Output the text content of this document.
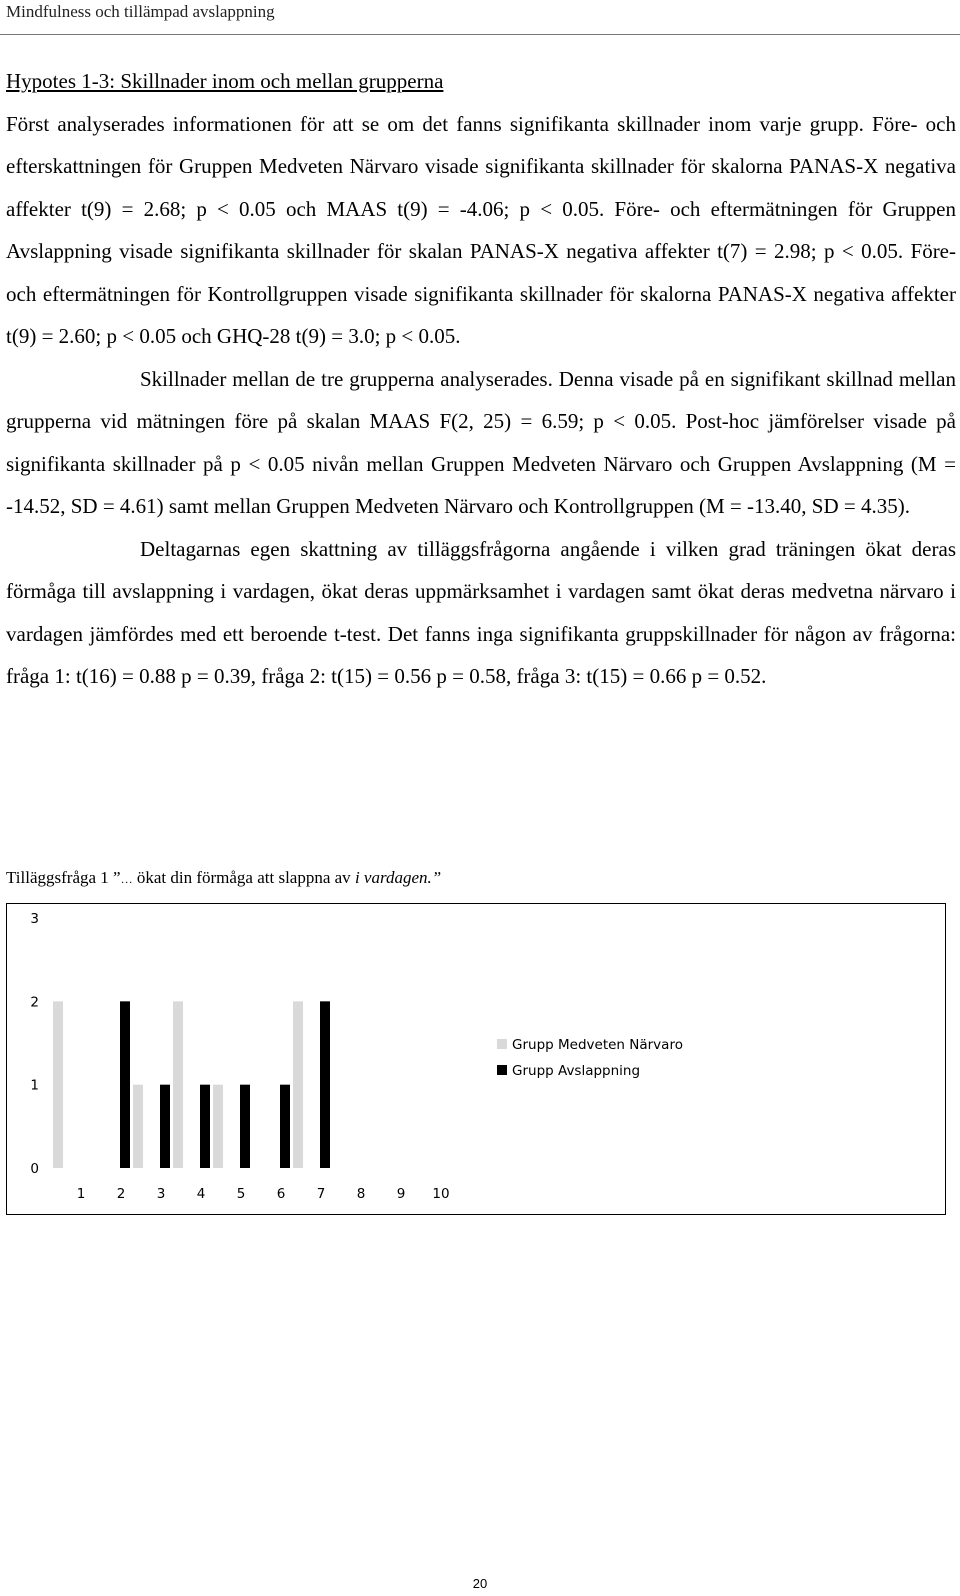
Mindfulness och tillämpad avslappning
Hypotes 1-3: Skillnader inom och mellan grupperna

Först analyserades informationen för att se om det fanns signifikanta skillnader inom varje grupp. Före- och efterskattningen för Gruppen Medveten Närvaro visade signifikanta skillnader för skalorna PANAS-X negativa affekter t(9) = 2.68; p < 0.05 och MAAS t(9) = -4.06; p < 0.05. Före- och eftermätningen för Gruppen Avslappning visade signifikanta skillnader för skalan PANAS-X negativa affekter t(7) = 2.98; p < 0.05. Före- och eftermätningen för Kontrollgruppen visade signifikanta skillnader för skalorna PANAS-X negativa affekter t(9) = 2.60; p < 0.05 och GHQ-28 t(9) = 3.0; p < 0.05.

Skillnader mellan de tre grupperna analyserades. Denna visade på en signifikant skillnad mellan grupperna vid mätningen före på skalan MAAS F(2, 25) = 6.59; p < 0.05. Post-hoc jämförelser visade på signifikanta skillnader på p < 0.05 nivån mellan Gruppen Medveten Närvaro och Gruppen Avslappning (M = -14.52, SD = 4.61) samt mellan Gruppen Medveten Närvaro och Kontrollgruppen (M = -13.40, SD = 4.35).

Deltagarnas egen skattning av tilläggsfrågorna angående i vilken grad träningen ökat deras förmåga till avslappning i vardagen, ökat deras uppmärksamhet i vardagen samt ökat deras medvetna närvaro i vardagen jämfördes med ett beroende t-test. Det fanns inga signifikanta gruppskillnader för någon av frågorna: fråga 1: t(16) = 0.88 p = 0.39, fråga 2: t(15) = 0.56 p = 0.58, fråga 3: t(15) = 0.66 p = 0.52.

Tilläggsfråga 1 ”… ökat din förmåga att slappna av i vardagen.”
0
1
2
3
1 2 3 4 5 6 7 8 9 10
Grupp Medveten Närvaro
Grupp Avslappning
20
